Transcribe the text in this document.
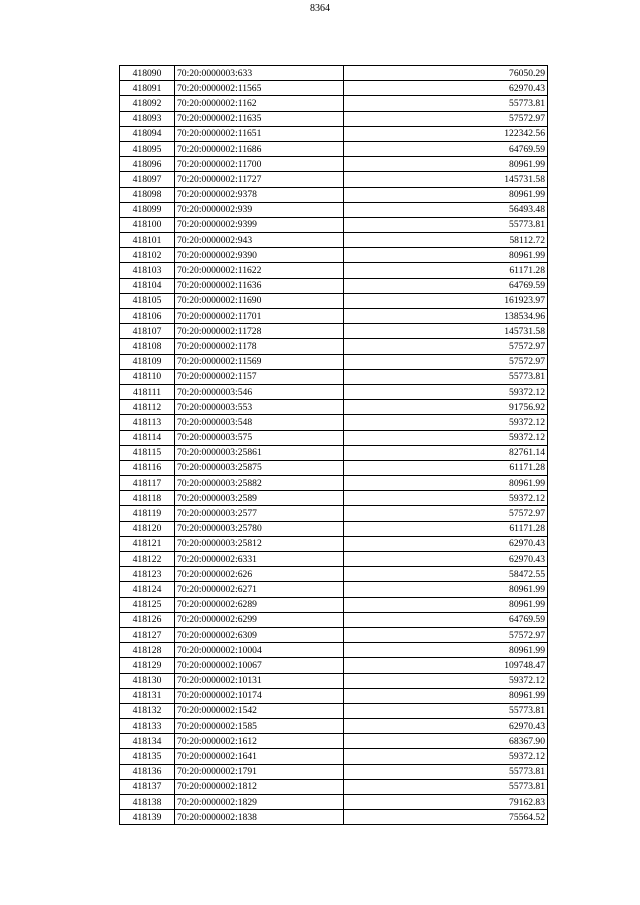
8364
418090	70:20:0000003:633	76050.29
418091	70:20:0000002:11565	62970.43
418092	70:20:0000002:1162	55773.81
418093	70:20:0000002:11635	57572.97
418094	70:20:0000002:11651	122342.56
418095	70:20:0000002:11686	64769.59
418096	70:20:0000002:11700	80961.99
418097	70:20:0000002:11727	145731.58
418098	70:20:0000002:9378	80961.99
418099	70:20:0000002:939	56493.48
418100	70:20:0000002:9399	55773.81
418101	70:20:0000002:943	58112.72
418102	70:20:0000002:9390	80961.99
418103	70:20:0000002:11622	61171.28
418104	70:20:0000002:11636	64769.59
418105	70:20:0000002:11690	161923.97
418106	70:20:0000002:11701	138534.96
418107	70:20:0000002:11728	145731.58
418108	70:20:0000002:1178	57572.97
418109	70:20:0000002:11569	57572.97
418110	70:20:0000002:1157	55773.81
418111	70:20:0000003:546	59372.12
418112	70:20:0000003:553	91756.92
418113	70:20:0000003:548	59372.12
418114	70:20:0000003:575	59372.12
418115	70:20:0000003:25861	82761.14
418116	70:20:0000003:25875	61171.28
418117	70:20:0000003:25882	80961.99
418118	70:20:0000003:2589	59372.12
418119	70:20:0000003:2577	57572.97
418120	70:20:0000003:25780	61171.28
418121	70:20:0000003:25812	62970.43
418122	70:20:0000002:6331	62970.43
418123	70:20:0000002:626	58472.55
418124	70:20:0000002:6271	80961.99
418125	70:20:0000002:6289	80961.99
418126	70:20:0000002:6299	64769.59
418127	70:20:0000002:6309	57572.97
418128	70:20:0000002:10004	80961.99
418129	70:20:0000002:10067	109748.47
418130	70:20:0000002:10131	59372.12
418131	70:20:0000002:10174	80961.99
418132	70:20:0000002:1542	55773.81
418133	70:20:0000002:1585	62970.43
418134	70:20:0000002:1612	68367.90
418135	70:20:0000002:1641	59372.12
418136	70:20:0000002:1791	55773.81
418137	70:20:0000002:1812	55773.81
418138	70:20:0000002:1829	79162.83
418139	70:20:0000002:1838	75564.52
